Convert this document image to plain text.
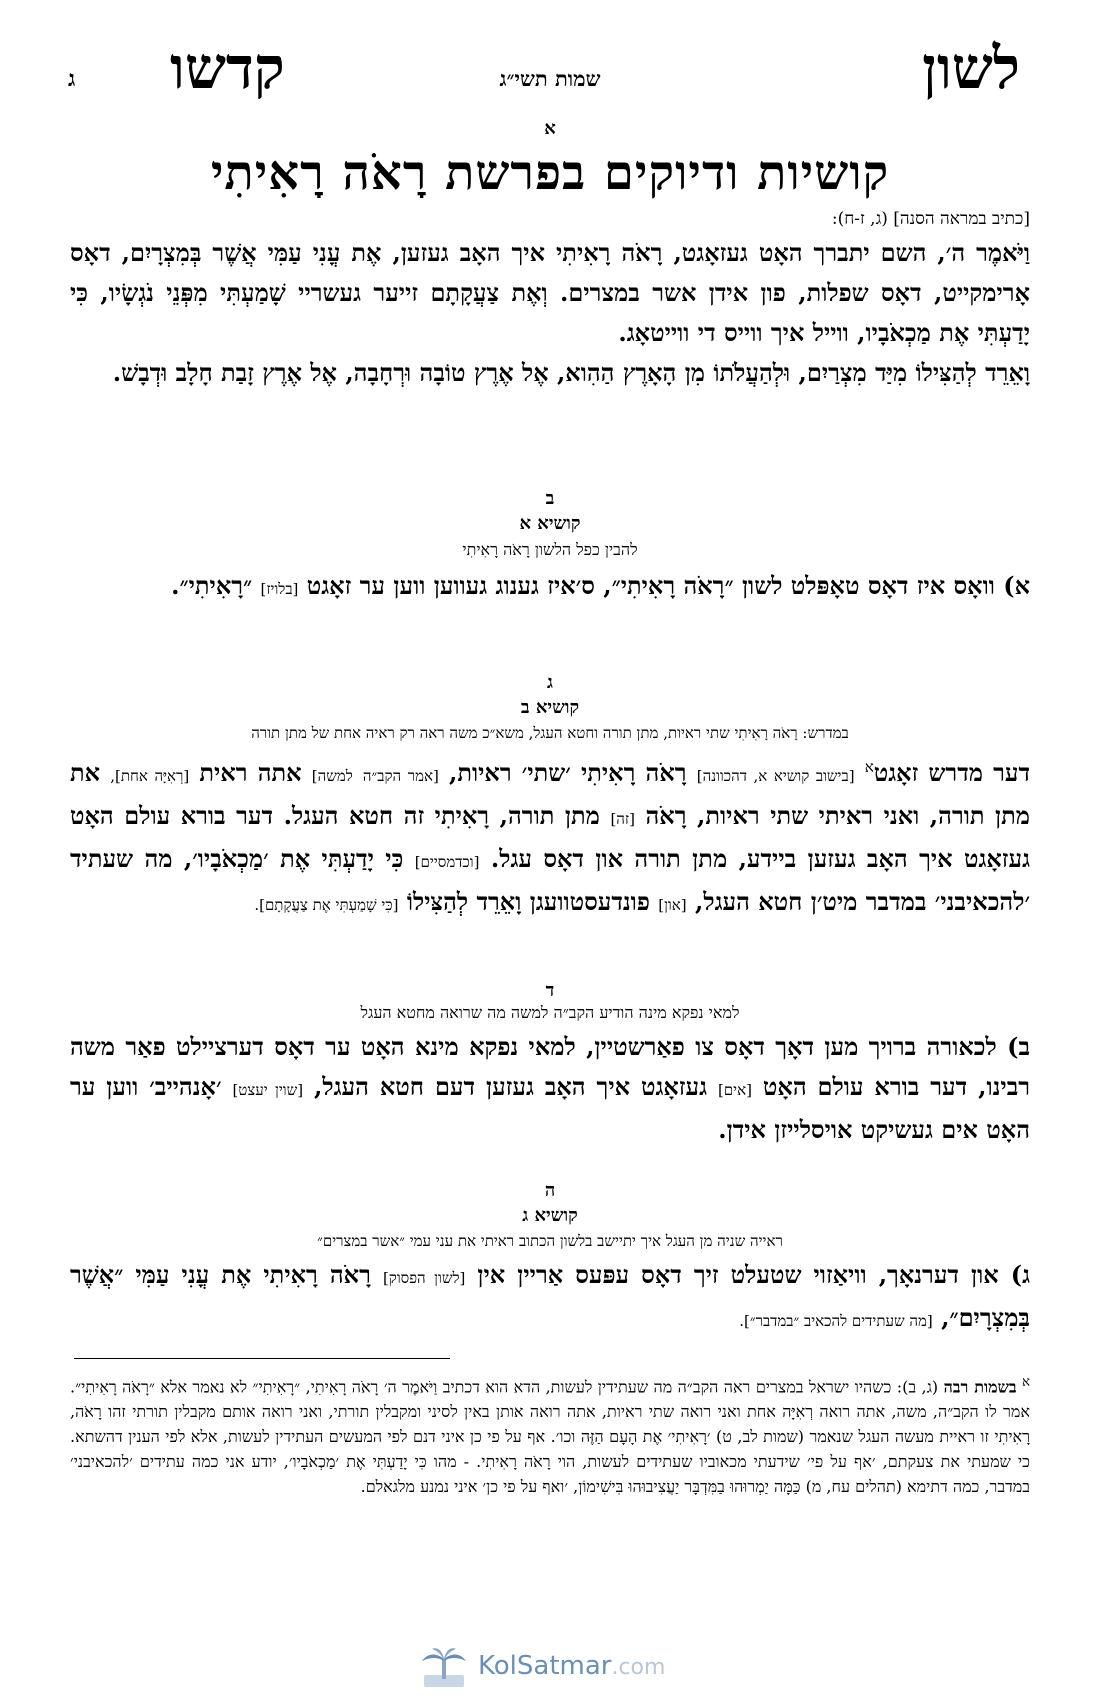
לשון
קדשו	שמות תשי״ג
ג
א
קושיות ודיוקים בפרשת רָאֹה רָאִיתִי
[כתיב במראה הסנה] (ג, ז-ח):
וַיֹּאמֶר ה׳, השם יתברך האָט געזאָגט, רָאֹה רָאִיתִי איך האָב געזען, אֶת עֳנִי עַמִּי אֲשֶׁר בְּמִצְרָיִם, דאָס אָרימקייט, דאָס שפלות, פון אידן אשר במצרים. וְאֶת צַעֲקָתָם זייער געשריי שָׁמַעְתִּי מִפְּנֵי נֹגְשָׂיו, כִּי יָדַעְתִּי אֶת מַכְאֹבָיו, ווייל איך ווייס די ווייטאָג.
וָאֵרֵד לְהַצִּילוֹ מִיַּד מִצְרַיִם, וּלְהַעֲלֹתוֹ מִן הָאָרֶץ הַהִוא, אֶל אֶרֶץ טוֹבָה וּרְחָבָה, אֶל אֶרֶץ זָבַת חָלָב וּדְבָשׁ.
ב
קושיא א
להבין כפל הלשון רָאֹה רָאִיתִי
א) וואָס איז דאָס טאָפּלט לשון ״רָאֹה רָאִיתִי״, ס׳איז גענוג געווען ווען ער זאָגט [בלויז] ״רָאִיתִי״.
ג
קושיא ב
במדרש: רָאֹה רָאִיתִי שתי ראיות, מתן תורה וחטא העגל, משא״כ משה ראה רק ראיה אחת של מתן תורה
דער מדרש זאָגט$^א$ [בישוב קושיא א, דהכוונה] רָאֹה רָאִיתִי ׳שתי׳ ראיות, [אמר הקב״ה למשה] אתה ראית [רְאִיָּה אחת], את מתן תורה, ואני ראיתי שתי ראיות, רָאֹה [זה] מתן תורה, רָאִיתִי זה חטא העגל. דער בורא עולם האָט געזאָגט איך האָב געזען ביידע, מתן תורה און דאָס עגל. [וכדמסיים] כִּי יָדַעְתִּי אֶת ׳מַכְאֹבָיו׳, מה שעתיד ׳להכאיבני׳ במדבר מיט׳ן חטא העגל, [און] פונדעסטוועגן וָאֵרֵד לְהַצִּילוֹ [כִּי שָׁמַעְתִּי אֶת צַעֲקָתָם].
ד
למאי נפקא מינה הודיע הקב״ה למשה מה שרואה מחטא העגל
ב) לכאורה ברויך מען דאָך דאָס צו פאַרשטיין, למאי נפקא מינא האָט ער דאָס דערציילט פאַר משה רבינו, דער בורא עולם האָט [אים] געזאָגט איך האָב געזען דעם חטא העגל, [שוין יעצט] ׳אָנהייב׳ ווען ער האָט אים געשיקט אויסלייזן אידן.
ה
קושיא ג
ראייה שניה מן העגל איך יתיישב בלשון הכתוב ראיתי את עני עמי ״אשר במצרים״
ג) און דערנאָך, וויאַזוי שטעלט זיך דאָס עפּעס אַריין אין [לשון הפסוק] רָאֹה רָאִיתִי אֶת עֳנִי עַמִּי ״אֲשֶׁר בְּמִצְרָיִם״, [מה שעתידים להכאיב ״במדבר״].
$^א$ בשמות רבה (ג, ב): כשהיו ישראל במצרים ראה הקב״ה מה שעתידין לעשות, הדא הוא דכתיב וַיֹּאמֶר ה׳ רָאֹה רָאִיתִי, ״רָאִיתִי״ לא נאמר אלא ״רָאֹה רָאִיתִי״. אמר לו הקב״ה, משה, אתה רואה רְאִיָּה אחת ואני רואה שתי ראיות, אתה רואה אותן באין לסיני ומקבלין תורתי, ואני רואה אותם מקבלין תורתי זהו רָאֹה, רָאִיתִי זו ראיית מעשה העגל שנאמר (שמות לב, ט) ׳רָאִיתִי׳ אֶת הָעָם הַזֶּה וכו׳. אף על פי כן איני דנם לפי המעשים העתידין לעשות, אלא לפי הענין דהשתא. כי שמעתי את צעקתם, ׳אף על פי׳ שידעתי מכאוביו שעתידים לעשות, הוי רָאֹה רָאִיתִי. - מהו כִּי יָדַעְתִּי אֶת ׳מַכְאֹבָיו׳, יודע אני כמה עתידים ׳להכאיבני׳ במדבר, כמה דתימא (תהלים עח, מ) כַּמָּה יַמְרוּהוּ בַמִּדְבָּר יַעֲצִיבוּהוּ בִּישִׁימוֹן, ׳ואף על פי כן׳ איני נמנע מלגאלם.
KolSatmar.com
